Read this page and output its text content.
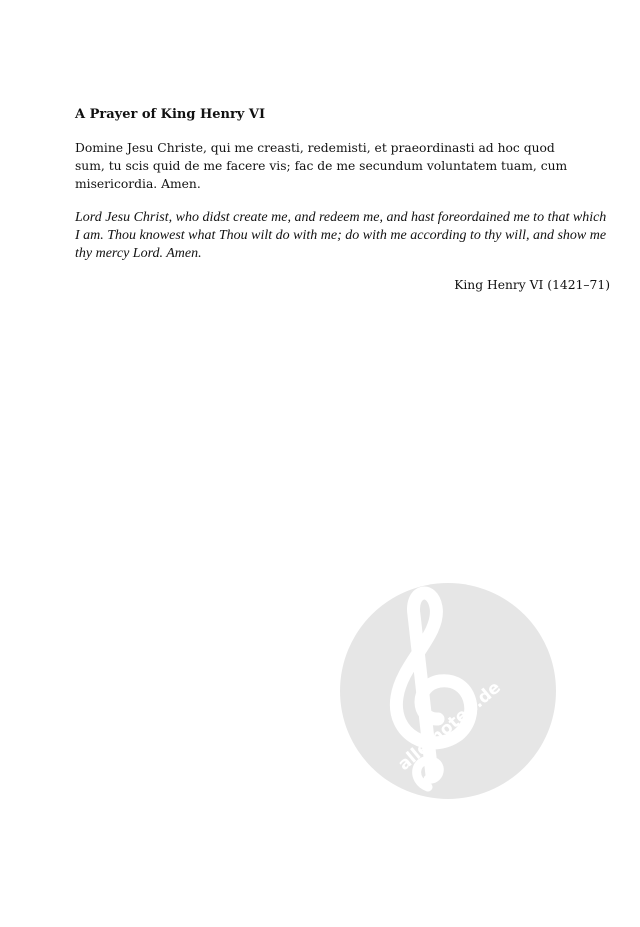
A Prayer of King Henry VI
Domine Jesu Christe, qui me creasti, redemisti, et praeordinasti ad hoc quod sum, tu scis quid de me facere vis; fac de me secundum voluntatem tuam, cum misericordia. Amen.
Lord Jesu Christ, who didst create me, and redeem me, and hast foreordained me to that which I am. Thou knowest what Thou wilt do with me; do with me according to thy will, and show me thy mercy Lord. Amen.
King Henry VI (1421–71)
alle-noten.de
